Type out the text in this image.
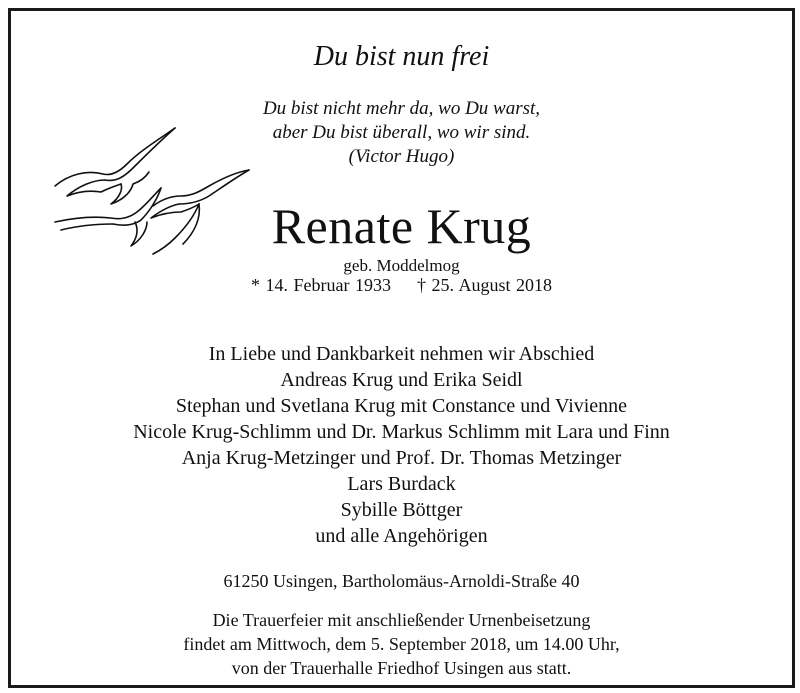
Du bist nun frei
Du bist nicht mehr da, wo Du warst,
aber Du bist überall, wo wir sind.
(Victor Hugo)
Renate Krug
geb. Moddelmog
* 14. Februar 1933 † 25. August 2018
In Liebe und Dankbarkeit nehmen wir Abschied
Andreas Krug und Erika Seidl
Stephan und Svetlana Krug mit Constance und Vivienne
Nicole Krug-Schlimm und Dr. Markus Schlimm mit Lara und Finn
Anja Krug-Metzinger und Prof. Dr. Thomas Metzinger
Lars Burdack
Sybille Böttger
und alle Angehörigen
61250 Usingen, Bartholomäus-Arnoldi-Straße 40
Die Trauerfeier mit anschließender Urnenbeisetzung
findet am Mittwoch, dem 5. September 2018, um 14.00 Uhr,
von der Trauerhalle Friedhof Usingen aus statt.
